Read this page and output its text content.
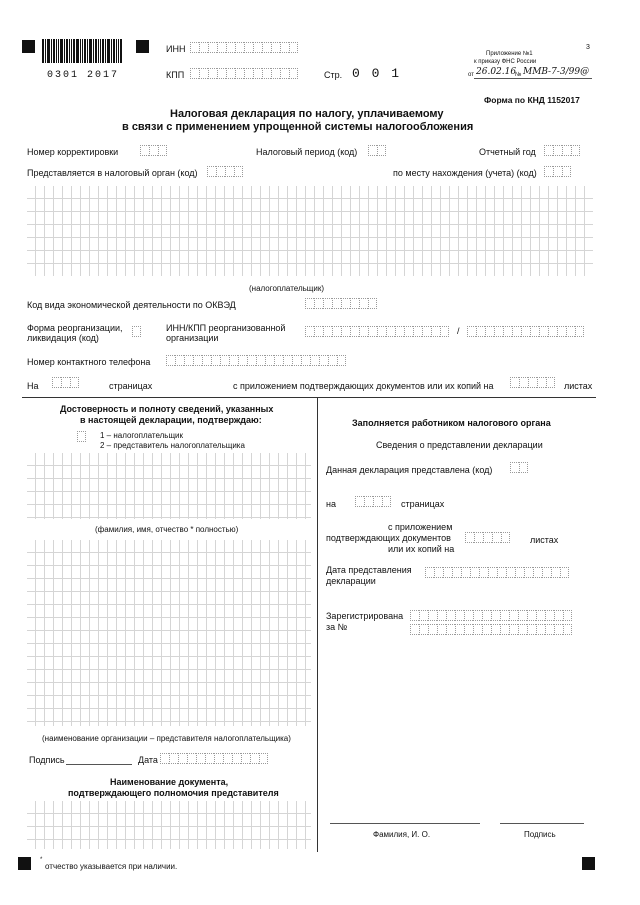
0301 2017
ИНН
КПП	Стр. 0 0 1
3
Приложение №1
к приказу ФНС России
от 26.02.16
№ ММВ-7-3/99@
Форма по КНД 1152017
Налоговая декларация по налогу, уплачиваемому
в связи с применением упрощенной системы налогообложения
Номер корректировки	Налоговый период (код)	Отчетный год
Представляется в налоговый орган (код)	по месту нахождения (учета) (код)
(налогоплательщик)
Код вида экономической деятельности по ОКВЭД
Форма реорганизации,
ликвидация (код)
ИНН/КПП реорганизованной
организации
/
Номер контактного телефона
На	страницах	с приложением подтверждающих документов или их копий на	листах
Достоверность и полноту сведений, указанных
в настоящей декларации, подтверждаю:
1 – налогоплательщик
2 – представитель налогоплательщика
(фамилия, имя, отчество * полностью)
(наименование организации – представителя налогоплательщика)
Подпись	Дата
Наименование документа,
подтверждающего полномочия представителя
Заполняется работником налогового органа
Сведения о представлении декларации
Данная декларация представлена (код)
на	страницах
с приложением
подтверждающих документов
или их копий на
листах
Дата представления
декларации
Зарегистрирована
за №
Фамилия, И. О.	Подпись
*
отчество указывается при наличии.
